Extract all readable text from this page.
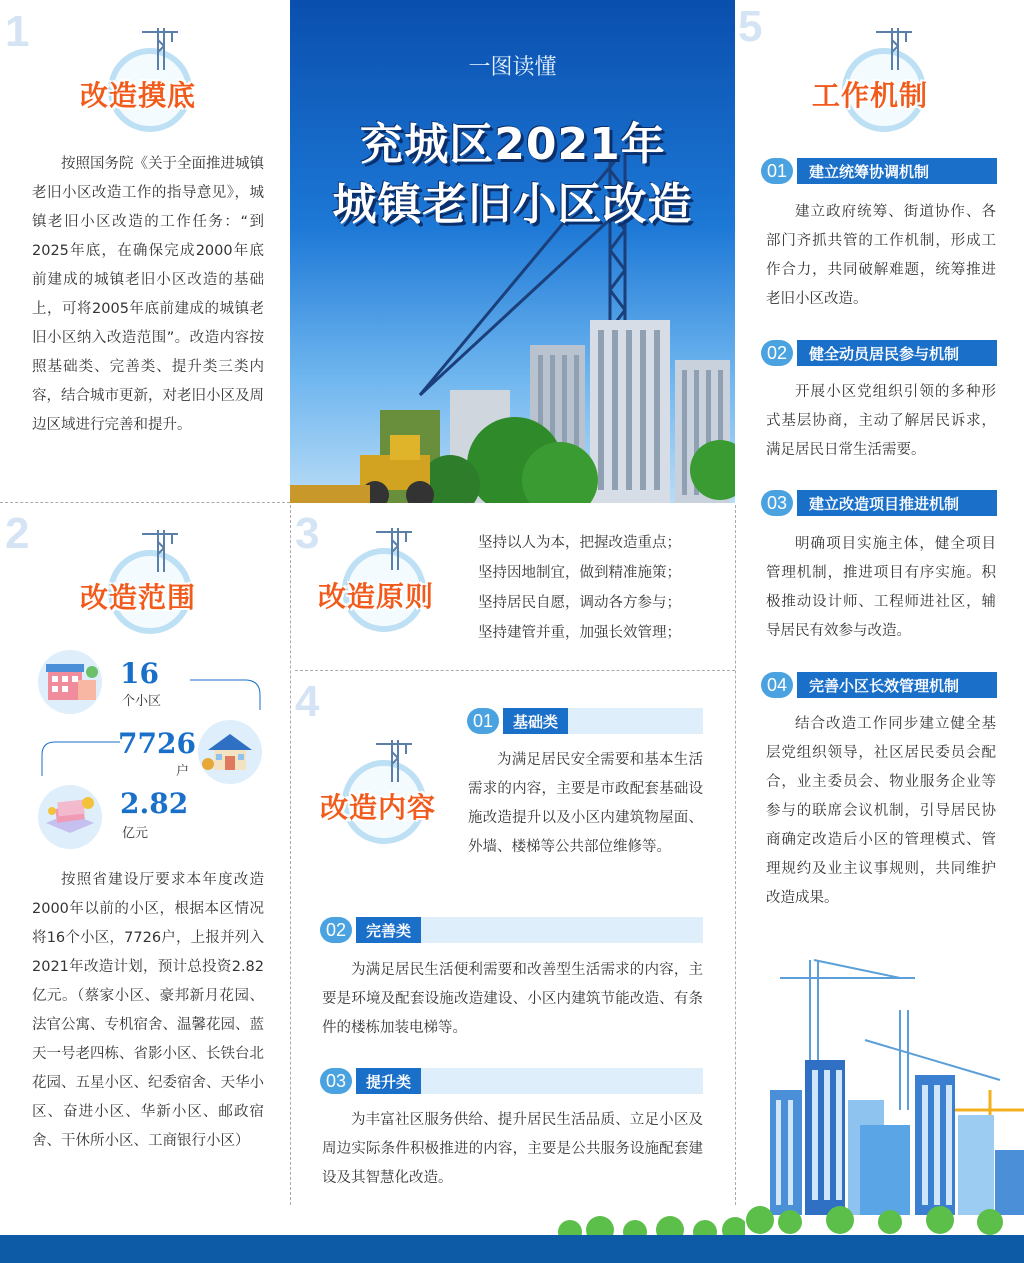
一图读懂
兖城区2021年
城镇老旧小区改造
1
改造摸底
按照国务院《关于全面推进城镇老旧小区改造工作的指导意见》，城镇老旧小区改造的工作任务：“到2025年底，在确保完成2000年底前建成的城镇老旧小区改造的基础上，可将2005年底前建成的城镇老旧小区纳入改造范围”。改造内容按照基础类、完善类、提升类三类内容，结合城市更新，对老旧小区及周边区域进行完善和提升。
2
改造范围
16
个小区
7726
户
2.82
亿元
按照省建设厅要求本年度改造2000年以前的小区，根据本区情况将16个小区，7726户，上报并列入2021年改造计划，预计总投资2.82亿元。（蔡家小区、豪邦新月花园、法官公寓、专机宿舍、温馨花园、蓝天一号老四栋、省影小区、长铁台北花园、五星小区、纪委宿舍、天华小区、奋进小区、华新小区、邮政宿舍、干休所小区、工商银行小区）
3
改造原则
坚持以人为本，把握改造重点；
坚持因地制宜，做到精准施策；
坚持居民自愿，调动各方参与；
坚持建管并重，加强长效管理；
4
改造内容
01	基础类
为满足居民安全需要和基本生活需求的内容，主要是市政配套基础设施改造提升以及小区内建筑物屋面、外墙、楼梯等公共部位维修等。
02	完善类
为满足居民生活便利需要和改善型生活需求的内容，主要是环境及配套设施改造建设、小区内建筑节能改造、有条件的楼栋加装电梯等。
03	提升类
为丰富社区服务供给、提升居民生活品质、立足小区及周边实际条件积极推进的内容，主要是公共服务设施配套建设及其智慧化改造。
5
工作机制
01	建立统筹协调机制
建立政府统筹、街道协作、各部门齐抓共管的工作机制，形成工作合力，共同破解难题，统筹推进老旧小区改造。
02	健全动员居民参与机制
开展小区党组织引领的多种形式基层协商，主动了解居民诉求，满足居民日常生活需要。
03	建立改造项目推进机制
明确项目实施主体，健全项目管理机制，推进项目有序实施。积极推动设计师、工程师进社区，辅导居民有效参与改造。
04	完善小区长效管理机制
结合改造工作同步建立健全基层党组织领导，社区居民委员会配合，业主委员会、物业服务企业等参与的联席会议机制，引导居民协商确定改造后小区的管理模式、管理规约及业主议事规则，共同维护改造成果。
